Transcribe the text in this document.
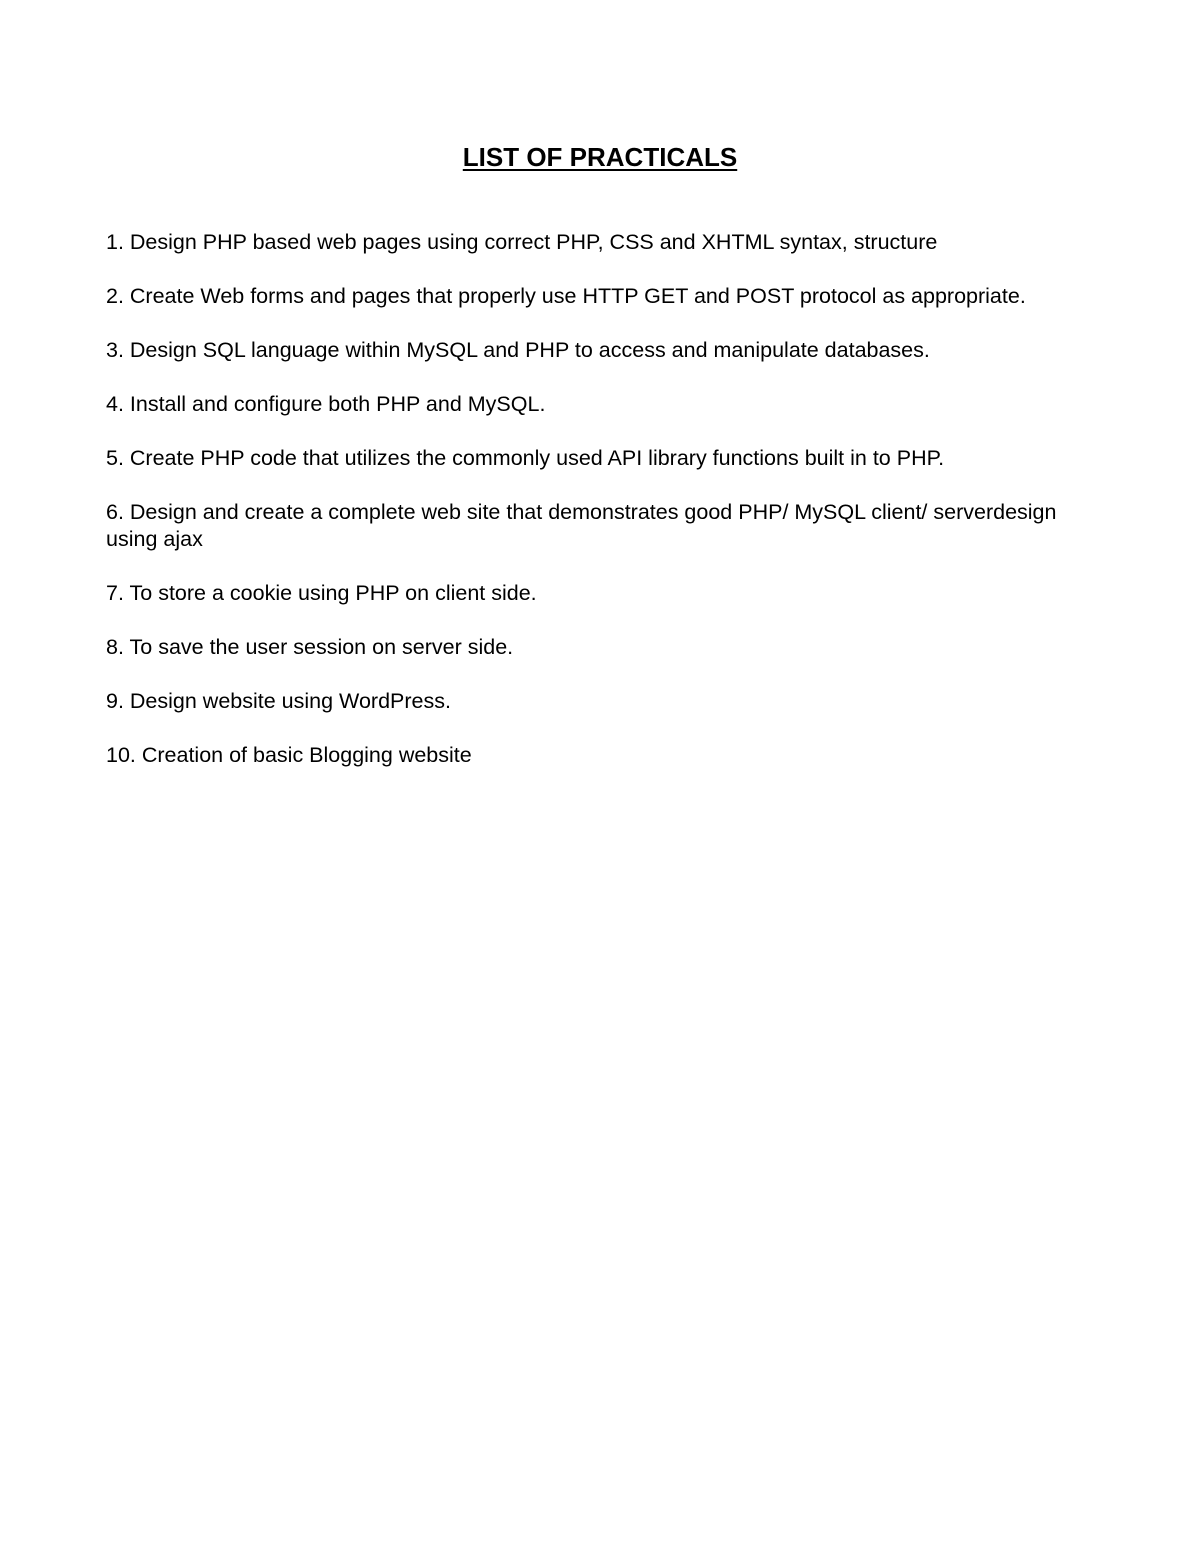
LIST OF PRACTICALS
1. Design PHP based web pages using correct PHP, CSS and XHTML syntax, structure
2. Create Web forms and pages that properly use HTTP GET and POST protocol as appropriate.
3. Design SQL language within MySQL and PHP to access and manipulate databases.
4. Install and configure both PHP and MySQL.
5. Create PHP code that utilizes the commonly used API library functions built in to PHP.
6. Design and create a complete web site that demonstrates good PHP/ MySQL client/ serverdesign using ajax
7. To store a cookie using PHP on client side.
8. To save the user session on server side.
9. Design website using WordPress.
10. Creation of basic Blogging website
